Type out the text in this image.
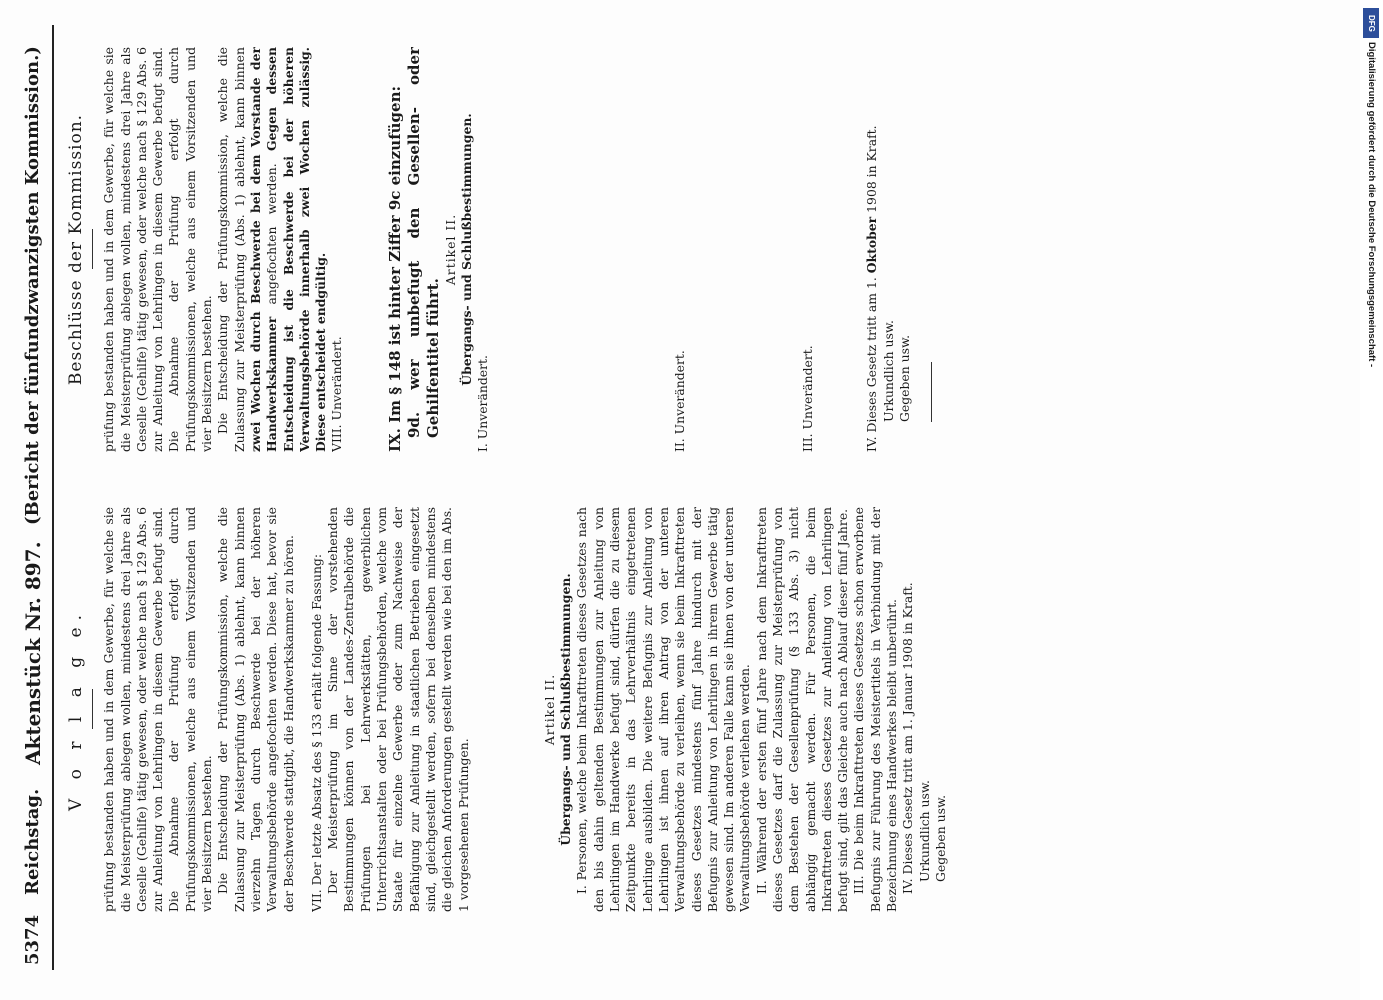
5374
Reichstag.
Aktenstück Nr. 897.
(Bericht der fünfundzwanzigsten Kommission.)
V o r l a g e. prüfung bestanden haben und in dem Gewerbe, für welche sie die Meisterprüfung ablegen wollen, mindestens drei Jahre als Geselle (Gehilfe) tätig gewesen, oder welche nach § 129 Abs. 6 zur Anleitung von Lehrlingen in diesem Gewerbe befugt sind. Die Abnahme der Prüfung erfolgt durch Prüfungskommissionen, welche aus einem Vorsitzenden und vier Beisitzern bestehen. Die Entscheidung der Prüfungskommission, welche die Zulassung zur Meisterprüfung (Abs. 1) ablehnt, kann binnen vierzehn Tagen durch Beschwerde bei der höheren Verwaltungsbehörde angefochten werden. Diese hat, bevor sie der Beschwerde stattgibt, die Handwerkskammer zu hören. VII. Der letzte Absatz des § 133 erhält folgende Fassung: Der Meisterprüfung im Sinne der vorstehenden Bestimmungen können von der Landes-Zentralbehörde die Prüfungen bei Lehrwerkstätten, gewerblichen Unterrichtsanstalten oder bei Prüfungsbehörden, welche vom Staate für einzelne Gewerbe oder zum Nachweise der Befähigung zur Anleitung in staatlichen Betrieben eingesetzt sind, gleichgestellt werden, sofern bei denselben mindestens die gleichen Anforderungen gestellt werden wie bei den im Abs. 1 vorgesehenen Prüfungen.

Artikel II. Übergangs- und Schlußbestimmungen. I. Personen, welche beim Inkrafttreten dieses Gesetzes nach den bis dahin geltenden Bestimmungen zur Anleitung von Lehrlingen im Handwerke befugt sind, dürfen die zu diesem Zeitpunkte bereits in das Lehrverhältnis eingetretenen Lehrlinge ausbilden. Die weitere Befugnis zur Anleitung von Lehrlingen ist ihnen auf ihren Antrag von der unteren Verwaltungsbehörde zu verleihen, wenn sie beim Inkrafttreten dieses Gesetzes mindestens fünf Jahre hindurch mit der Befugnis zur Anleitung von Lehrlingen in ihrem Gewerbe tätig gewesen sind. Im anderen Falle kann sie ihnen von der unteren Verwaltungsbehörde verliehen werden. II. Während der ersten fünf Jahre nach dem Inkrafttreten dieses Gesetzes darf die Zulassung zur Meisterprüfung von dem Bestehen der Gesellenprüfung (§ 133 Abs. 3) nicht abhängig gemacht werden. Für Personen, die beim Inkrafttreten dieses Gesetzes zur Anleitung von Lehrlingen befugt sind, gilt das Gleiche auch nach Ablauf dieser fünf Jahre. III. Die beim Inkrafttreten dieses Gesetzes schon erworbene Befugnis zur Führung des Meistertitels in Verbindung mit der Bezeichnung eines Handwerkes bleibt unberührt. IV. Dieses Gesetz tritt am 1. Januar 1908 in Kraft. Urkundlich usw. Gegeben usw.

Beschlüsse der Kommission. prüfung bestanden haben und in dem Gewerbe, für welche sie die Meisterprüfung ablegen wollen, mindestens drei Jahre als Geselle (Gehilfe) tätig gewesen, oder welche nach § 129 Abs. 6 zur Anleitung von Lehrlingen in diesem Gewerbe befugt sind. Die Abnahme der Prüfung erfolgt durch Prüfungskommissionen, welche aus einem Vorsitzenden und vier Beisitzern bestehen. Die Entscheidung der Prüfungskommission, welche die Zulassung zur Meisterprüfung (Abs. 1) ablehnt, kann binnen zwei Wochen durch Beschwerde bei dem Vorstande der Handwerkskammer angefochten werden. Gegen dessen Entscheidung ist die Beschwerde bei der höheren Verwaltungsbehörde innerhalb zwei Wochen zulässig. Diese entscheidet endgültig. VIII. Unverändert.	IX. Im § 148 ist hinter Ziffer 9c einzufügen: 9d. wer unbefugt den Gesellen- oder Gehilfentitel führt.

Artikel II. Übergangs- und Schlußbestimmungen.

I. Unverändert.	II. Unverändert.	III. Unverändert.	IV. Dieses Gesetz tritt am 1. Oktober 1908 in Kraft.

Urkundlich usw. Gegeben usw.

DFG
Digitalisierung gefördert durch die Deutsche Forschungsgemeinschaft -
